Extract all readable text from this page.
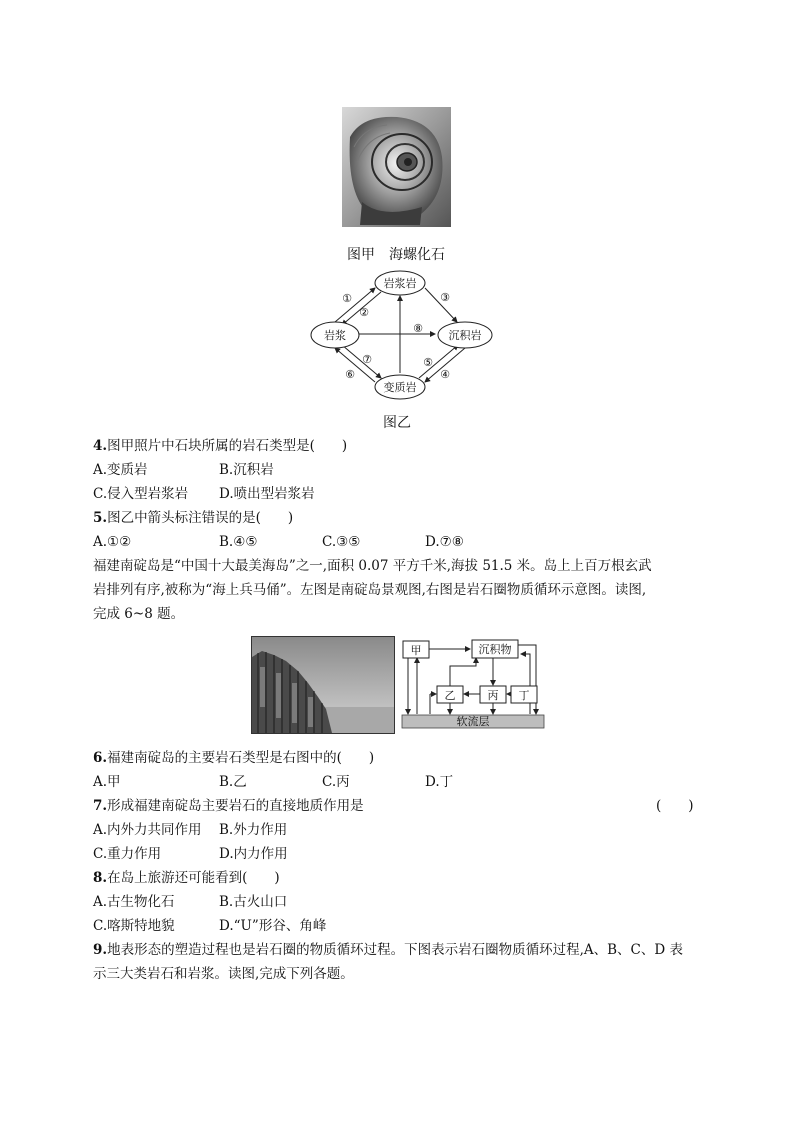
图甲　海螺化石
岩浆岩
岩浆	沉积岩
变质岩
①
②
③
④
⑤
⑥
⑦
⑧
图乙
4.图甲照片中石块所属的岩石类型是(　　)
A.变质岩	B.沉积岩
C.侵入型岩浆岩 D.喷出型岩浆岩
5.图乙中箭头标注错误的是(　　)
A.①②	B.④⑤	C.③⑤	D.⑦⑧
福建南碇岛是“中国十大最美海岛”之一,面积 0.07 平方千米,海拔 51.5 米。岛上上百万根玄武
岩排列有序,被称为“海上兵马俑”。左图是南碇岛景观图,右图是岩石圈物质循环示意图。读图,
完成 6~8 题。
软流层
甲	沉积物
乙	丙 丁
6.福建南碇岛的主要岩石类型是右图中的(　　)
A.甲	B.乙	C.丙	D.丁
7.形成福建南碇岛主要岩石的直接地质作用是	(　　)
A.内外力共同作用 B.外力作用
C.重力作用	D.内力作用
8.在岛上旅游还可能看到(　　)
A.古生物化石	B.古火山口
C.喀斯特地貌	D.“U”形谷、角峰
9.地表形态的塑造过程也是岩石圈的物质循环过程。下图表示岩石圈物质循环过程,A、B、C、D 表
示三大类岩石和岩浆。读图,完成下列各题。
